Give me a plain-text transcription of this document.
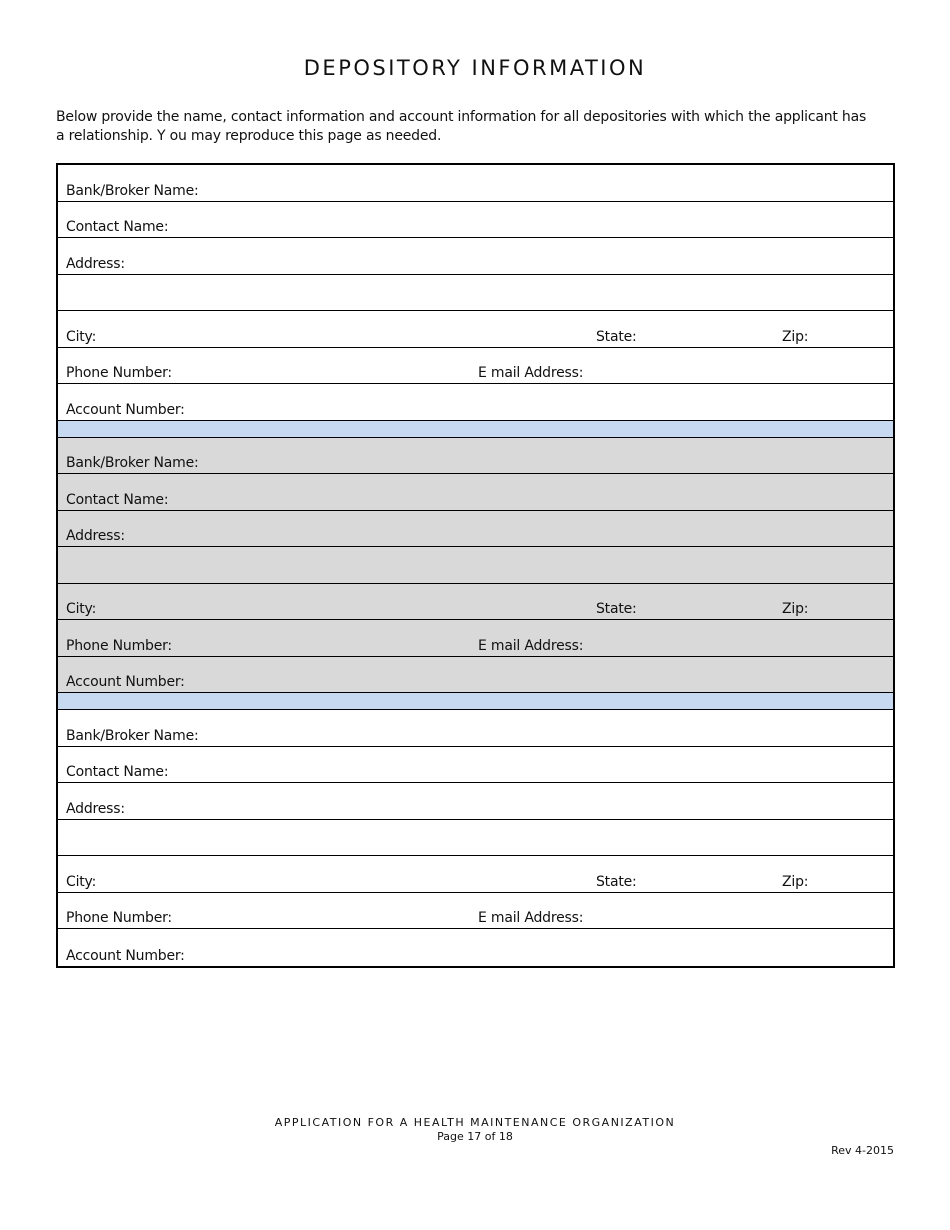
DEPOSITORY INFORMATION
Below provide the name, contact information and account information for all depositories with which the applicant has a relationship. Y ou may reproduce this page as needed.
Bank/Broker Name:
Contact Name:
Address:
City:	State:	Zip:
Phone Number:	E mail Address:
Account Number:
Bank/Broker Name:
Contact Name:
Address:
City:	State:	Zip:
Phone Number:	E mail Address:
Account Number:
Bank/Broker Name:
Contact Name:
Address:
City:	State:	Zip:
Phone Number:	E mail Address:
Account Number:
APPLICATION FOR A HEALTH MAINTENANCE ORGANIZATION
Page 17 of 18
Rev 4-2015
